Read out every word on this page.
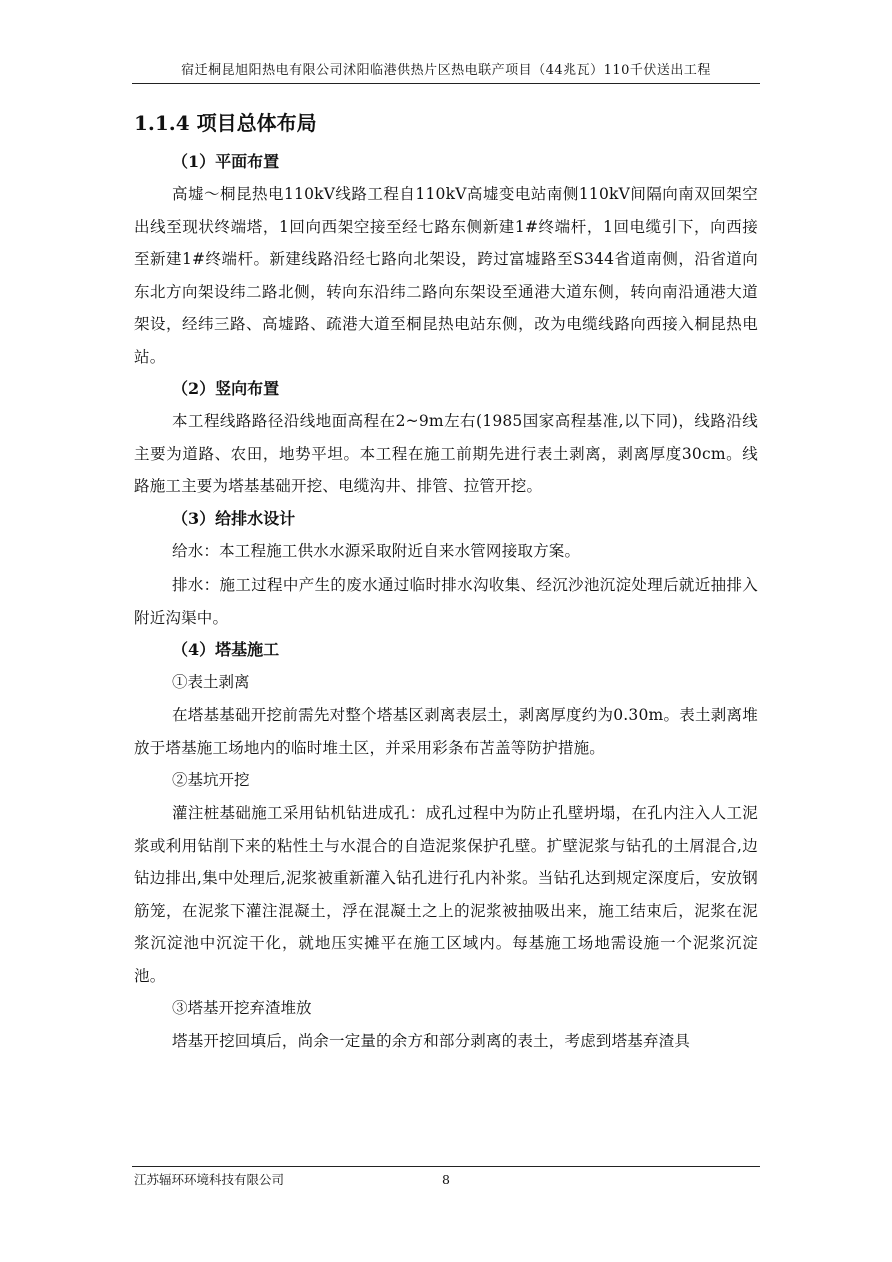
宿迁桐昆旭阳热电有限公司沭阳临港供热片区热电联产项目（44兆瓦）110千伏送出工程
1.1.4 项目总体布局
（1）平面布置

高墟～桐昆热电110kV线路工程自110kV高墟变电站南侧110kV间隔向南双回架空出线至现状终端塔，1回向西架空接至经七路东侧新建1#终端杆，1回电缆引下，向西接至新建1#终端杆。新建线路沿经七路向北架设，跨过富墟路至S344省道南侧，沿省道向东北方向架设纬二路北侧，转向东沿纬二路向东架设至通港大道东侧，转向南沿通港大道架设，经纬三路、高墟路、疏港大道至桐昆热电站东侧，改为电缆线路向西接入桐昆热电站。

（2）竖向布置

本工程线路路径沿线地面高程在2~9m左右(1985国家高程基准,以下同)，线路沿线主要为道路、农田，地势平坦。本工程在施工前期先进行表土剥离，剥离厚度30cm。线路施工主要为塔基基础开挖、电缆沟井、排管、拉管开挖。

（3）给排水设计

给水：本工程施工供水水源采取附近自来水管网接取方案。

排水：施工过程中产生的废水通过临时排水沟收集、经沉沙池沉淀处理后就近抽排入附近沟渠中。

（4）塔基施工
①表土剥离

在塔基基础开挖前需先对整个塔基区剥离表层土，剥离厚度约为0.30m。表土剥离堆放于塔基施工场地内的临时堆土区，并采用彩条布苫盖等防护措施。

②基坑开挖

灌注桩基础施工采用钻机钻进成孔：成孔过程中为防止孔壁坍塌，在孔内注入人工泥浆或利用钻削下来的粘性土与水混合的自造泥浆保护孔壁。扩壁泥浆与钻孔的土屑混合,边钻边排出,集中处理后,泥浆被重新灌入钻孔进行孔内补浆。当钻孔达到规定深度后，安放钢筋笼，在泥浆下灌注混凝土，浮在混凝土之上的泥浆被抽吸出来，施工结束后，泥浆在泥浆沉淀池中沉淀干化，就地压实摊平在施工区域内。每基施工场地需设施一个泥浆沉淀池。

③塔基开挖弃渣堆放

塔基开挖回填后，尚余一定量的余方和部分剥离的表土，考虑到塔基弃渣具

江苏辐环环境科技有限公司	8
